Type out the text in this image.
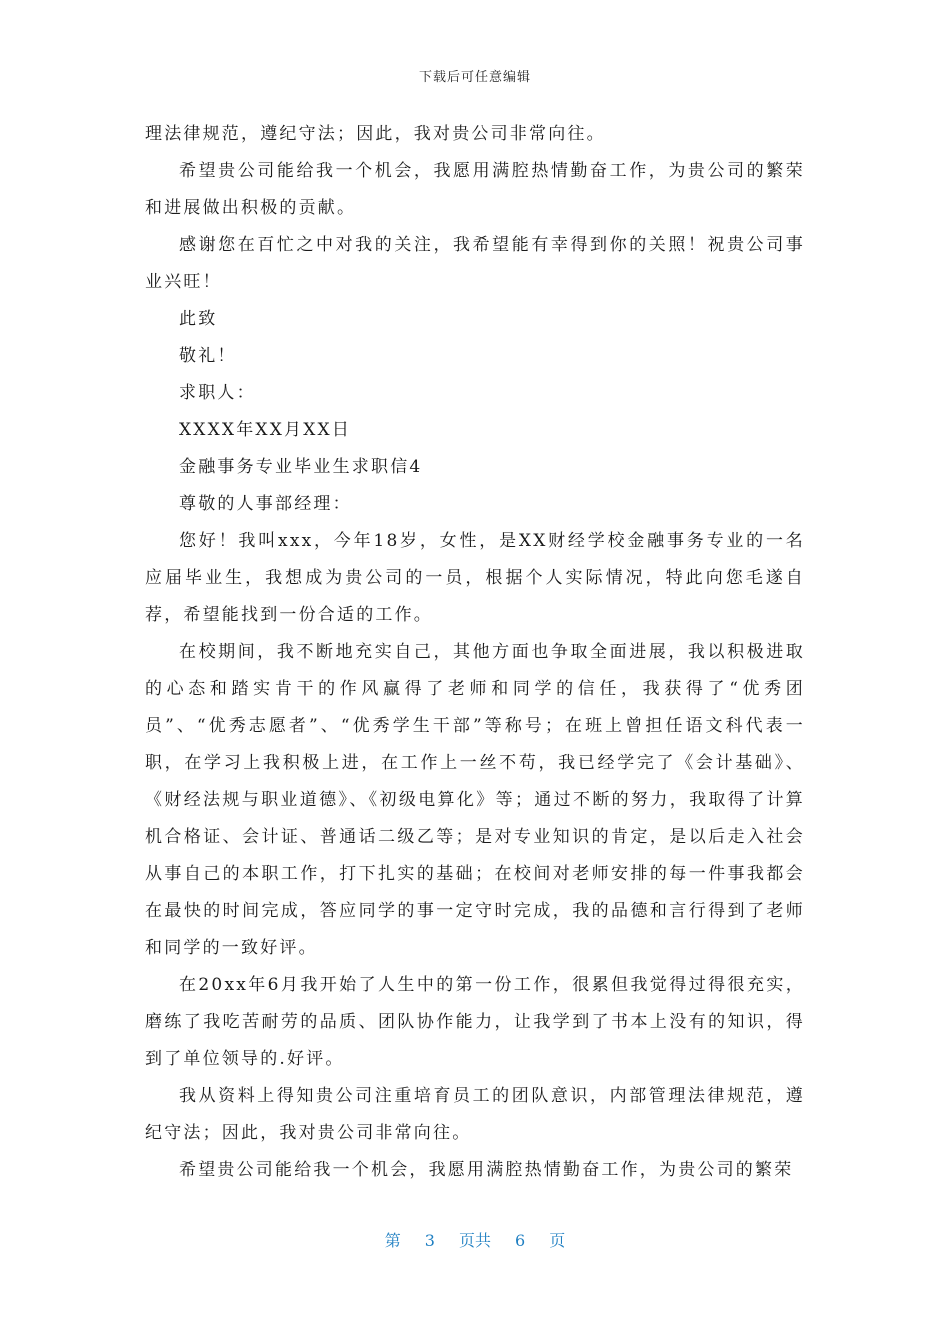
下载后可任意编辑

理法律规范，遵纪守法；因此，我对贵公司非常向往。

希望贵公司能给我一个机会，我愿用满腔热情勤奋工作，为贵公司的繁荣和进展做出积极的贡献。

感谢您在百忙之中对我的关注，我希望能有幸得到你的关照！祝贵公司事业兴旺！

此致

敬礼！

求职人：

XXXX年XX月XX日

金融事务专业毕业生求职信4

尊敬的人事部经理：

您好！我叫xxx，今年18岁，女性，是XX财经学校金融事务专业的一名应届毕业生，我想成为贵公司的一员，根据个人实际情况，特此向您毛遂自荐，希望能找到一份合适的工作。

在校期间，我不断地充实自己，其他方面也争取全面进展，我以积极进取的心态和踏实肯干的作风赢得了老师和同学的信任，我获得了“优秀团员”、“优秀志愿者”、“优秀学生干部”等称号；在班上曾担任语文科代表一职，在学习上我积极上进，在工作上一丝不苟，我已经学完了《会计基础》、《财经法规与职业道德》、《初级电算化》等；通过不断的努力，我取得了计算机合格证、会计证、普通话二级乙等；是对专业知识的肯定，是以后走入社会从事自己的本职工作，打下扎实的基础；在校间对老师安排的每一件事我都会在最快的时间完成，答应同学的事一定守时完成，我的品德和言行得到了老师和同学的一致好评。

在20xx年6月我开始了人生中的第一份工作，很累但我觉得过得很充实，磨练了我吃苦耐劳的品质、团队协作能力，让我学到了书本上没有的知识，得到了单位领导的.好评。

我从资料上得知贵公司注重培育员工的团队意识，内部管理法律规范，遵纪守法；因此，我对贵公司非常向往。

希望贵公司能给我一个机会，我愿用满腔热情勤奋工作，为贵公司的繁荣

第 3 页共 6 页
